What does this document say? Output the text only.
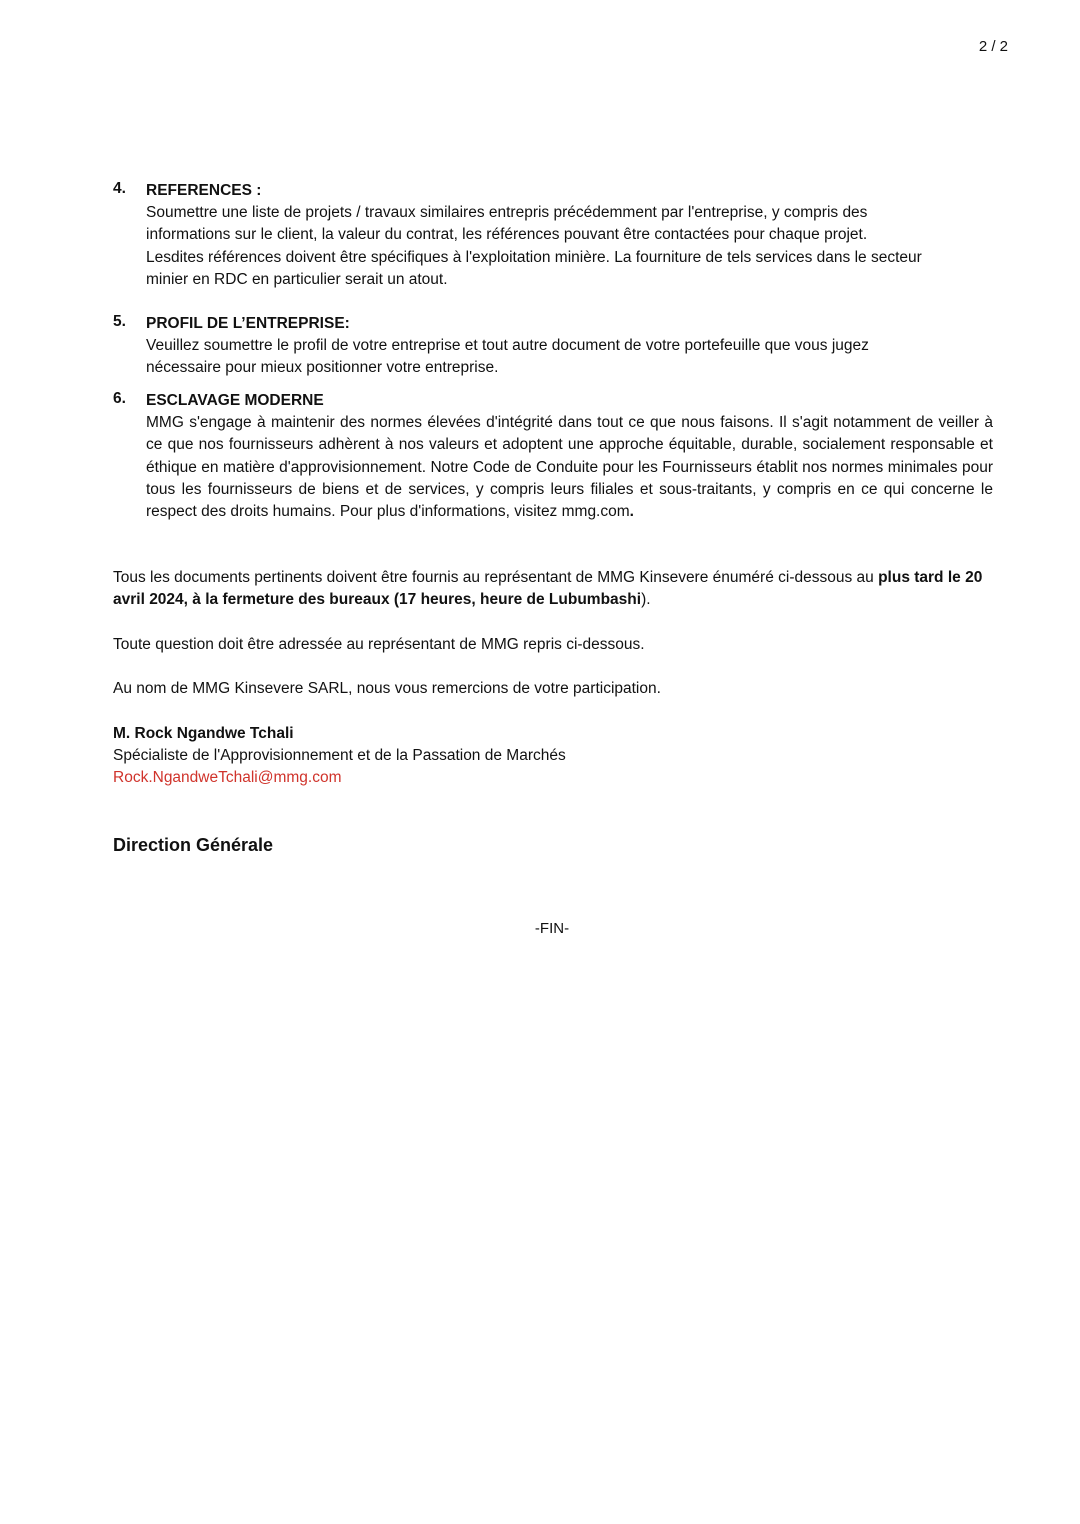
2 / 2
4. REFERENCES :
Soumettre une liste de projets / travaux similaires entrepris précédemment par l'entreprise, y compris des
informations sur le client, la valeur du contrat, les références pouvant être contactées pour chaque projet.
Lesdites références doivent être spécifiques à l'exploitation minière. La fourniture de tels services dans le secteur
minier en RDC en particulier serait un atout.
5. PROFIL DE L’ENTREPRISE:
Veuillez soumettre le profil de votre entreprise et tout autre document de votre portefeuille que vous jugez
nécessaire pour mieux positionner votre entreprise.
6. ESCLAVAGE MODERNE
MMG s'engage à maintenir des normes élevées d'intégrité dans tout ce que nous faisons. Il s'agit notamment de veiller à ce que nos fournisseurs adhèrent à nos valeurs et adoptent une approche équitable, durable, socialement responsable et éthique en matière d'approvisionnement. Notre Code de Conduite pour les Fournisseurs établit nos normes minimales pour tous les fournisseurs de biens et de services, y compris leurs filiales et sous-traitants, y compris en ce qui concerne le respect des droits humains. Pour plus d'informations, visitez mmg.com.
Tous les documents pertinents doivent être fournis au représentant de MMG Kinsevere énuméré ci-dessous au plus tard le 20 avril 2024, à la fermeture des bureaux (17 heures, heure de Lubumbashi).
Toute question doit être adressée au représentant de MMG repris ci-dessous.
Au nom de MMG Kinsevere SARL, nous vous remercions de votre participation.
M. Rock Ngandwe Tchali
Spécialiste de l'Approvisionnement et de la Passation de Marchés
Rock.NgandweTchali@mmg.com
Direction Générale
-FIN-
